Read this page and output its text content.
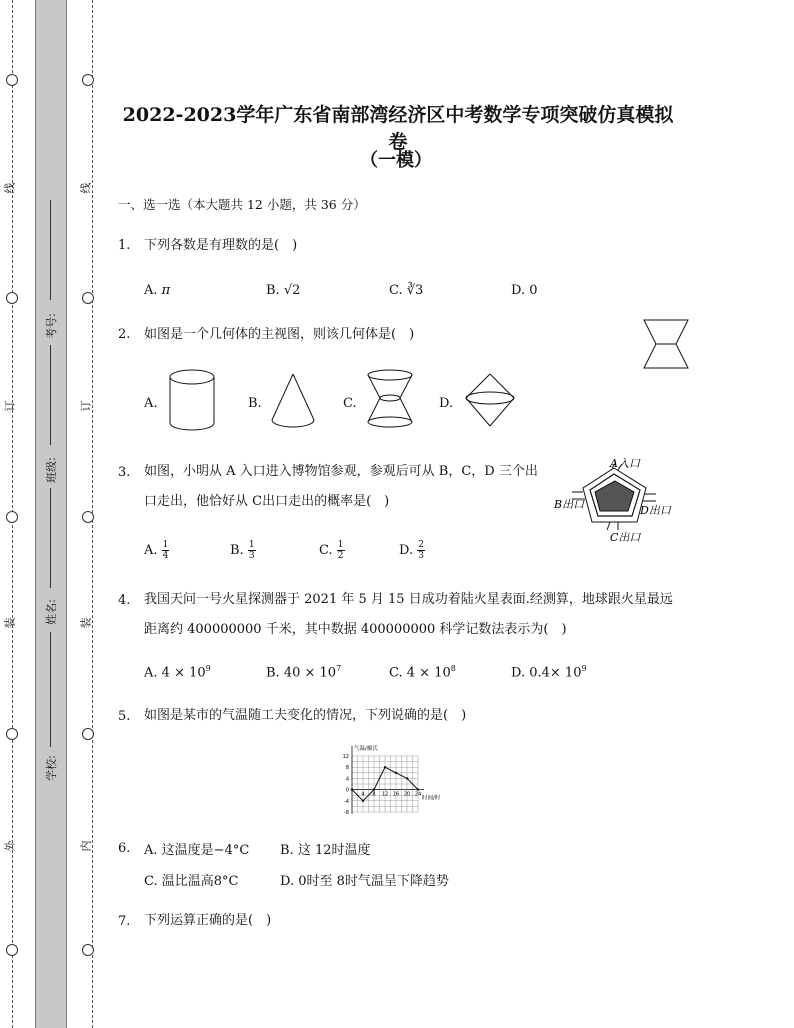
线
订
装
外
线
订
装
内
考号:
班级:
姓名:
学校:
2022-2023学年广东省南部湾经济区中考数学专项突破仿真模拟卷
（一模）
一、选一选（本大题共 12 小题，共 36 分）
1. 下列各数是有理数的是(　)
A. π	B. √2	C. ∛3	D. 0
2. 如图是一个几何体的主视图，则该几何体是(　)
A.	B.	C.	D.
3. 如图，小明从 A 入口进入博物馆参观，参观后可从 B，C，D 三个出
口走出，他恰好从 C出口走出的概率是(　)
A入口
B出口	D出口
C出口
A. $\frac{1}{4}$	B. $\frac{1}{3}$	C. $\frac{1}{2}$	D. $\frac{2}{3}$
4. 我国天问一号火星探测器于 2021 年 5 月 15 日成功着陆火星表面.经测算，地球跟火星最远
距离约 400000000 千米，其中数据 400000000 科学记数法表示为(　)
A. $4 \times 10^9$	B. $40 \times 10^7$	C. $4 \times 10^8$	D. $0.4\times 10^9$
5. 如图是某市的气温随工夫变化的情况，下列说确的是(　)
气温/摄氏
时间/时
12
8
4
0
-4
-8
4 8 12 16 20 24
6. A. 这温度是−4°C B. 这 12时温度
C. 温比温高8°C	D. 0时至 8时气温呈下降趋势
7. 下列运算正确的是(　)
